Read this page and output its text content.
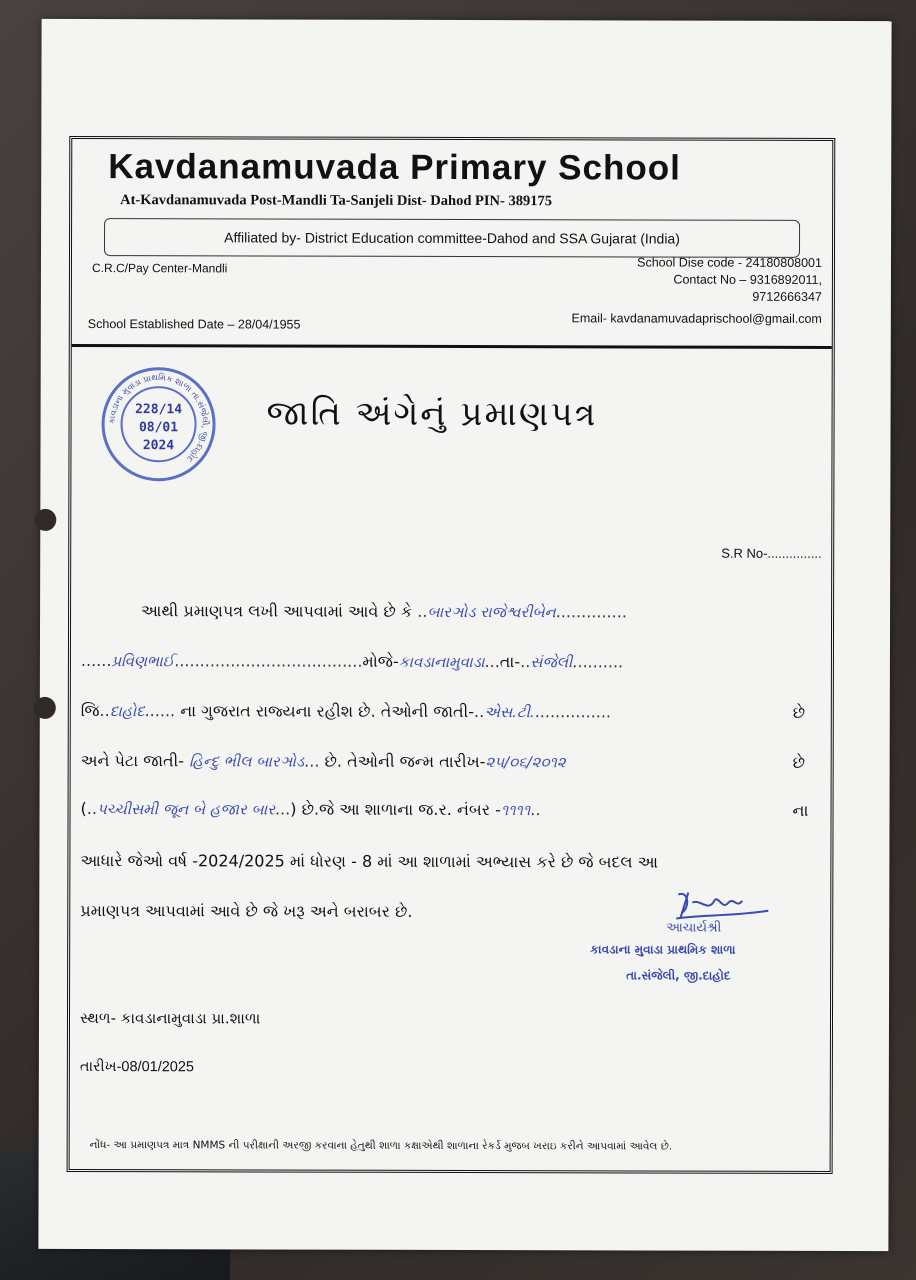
Kavdanamuvada Primary School
At-Kavdanamuvada Post-Mandli Ta-Sanjeli Dist- Dahod PIN- 389175
Affiliated by- District Education committee-Dahod and SSA Gujarat (India)
C.R.C/Pay Center-Mandli	School Dise code - 24180808001
Contact No – 9316892011,
9712666347
School Established Date – 28/04/1955	Email- kavdanamuvadaprischool@gmail.com
કાવડાના મુવાડા પ્રાથમિક શાળા તા.સંજેલી, જી.દાહોદ
228/14
08/01
2024
જાતિ અંગેનું પ્રમાણપત્ર
S.R No-...............
આથી પ્રમાણપત્ર લખી આપવામાં આવે છે કે ..બારઞોડ રાજેશ્વરીબેન..............
......પ્રવિણભાઈ.....................................મોજે-કાવડાનામુવાડા...તા-..સંજેલી..........
જિ..દાહોદ...... ના ગુજરાત રાજ્યના રહીશ છે. તેઓની જાતી-..એસ.ટી................	છે
અને પેટા જાતી- હિન્દુ ભીલ બારઞોડ... છે. તેઓની જન્મ તારીખ-૨૫/૦૬/૨૦૧૨	છે
(..પચ્ચીસમી જૂન બે હજાર બાર...) છે.જે આ શાળાના જ.ર. નંબર -૧૧૧૧..	ના
આધારે જેઓ વર્ષ -2024/2025 માં ધોરણ - 8 માં આ શાળામાં અભ્યાસ કરે છે જે બદલ આ
પ્રમાણપત્ર આપવામાં આવે છે જે ખરૂ અને બરાબર છે.
આચાર્યશ્રી
કાવડાના મુવાડા પ્રાથમિક શાળા
તા.સંજેલી, જી.દાહોદ
સ્થળ- કાવડાનામુવાડા પ્રા.શાળા
તારીખ-08/01/2025
નોંધ- આ પ્રમાણપત્ર માત્ર NMMS ની પરીક્ષાની અરજી કરવાના હેતુથી શાળા કક્ષાએથી શાળાના રેકર્ડ મુજબ ખરાઇ કરીને આપવામાં આવેલ છે.
